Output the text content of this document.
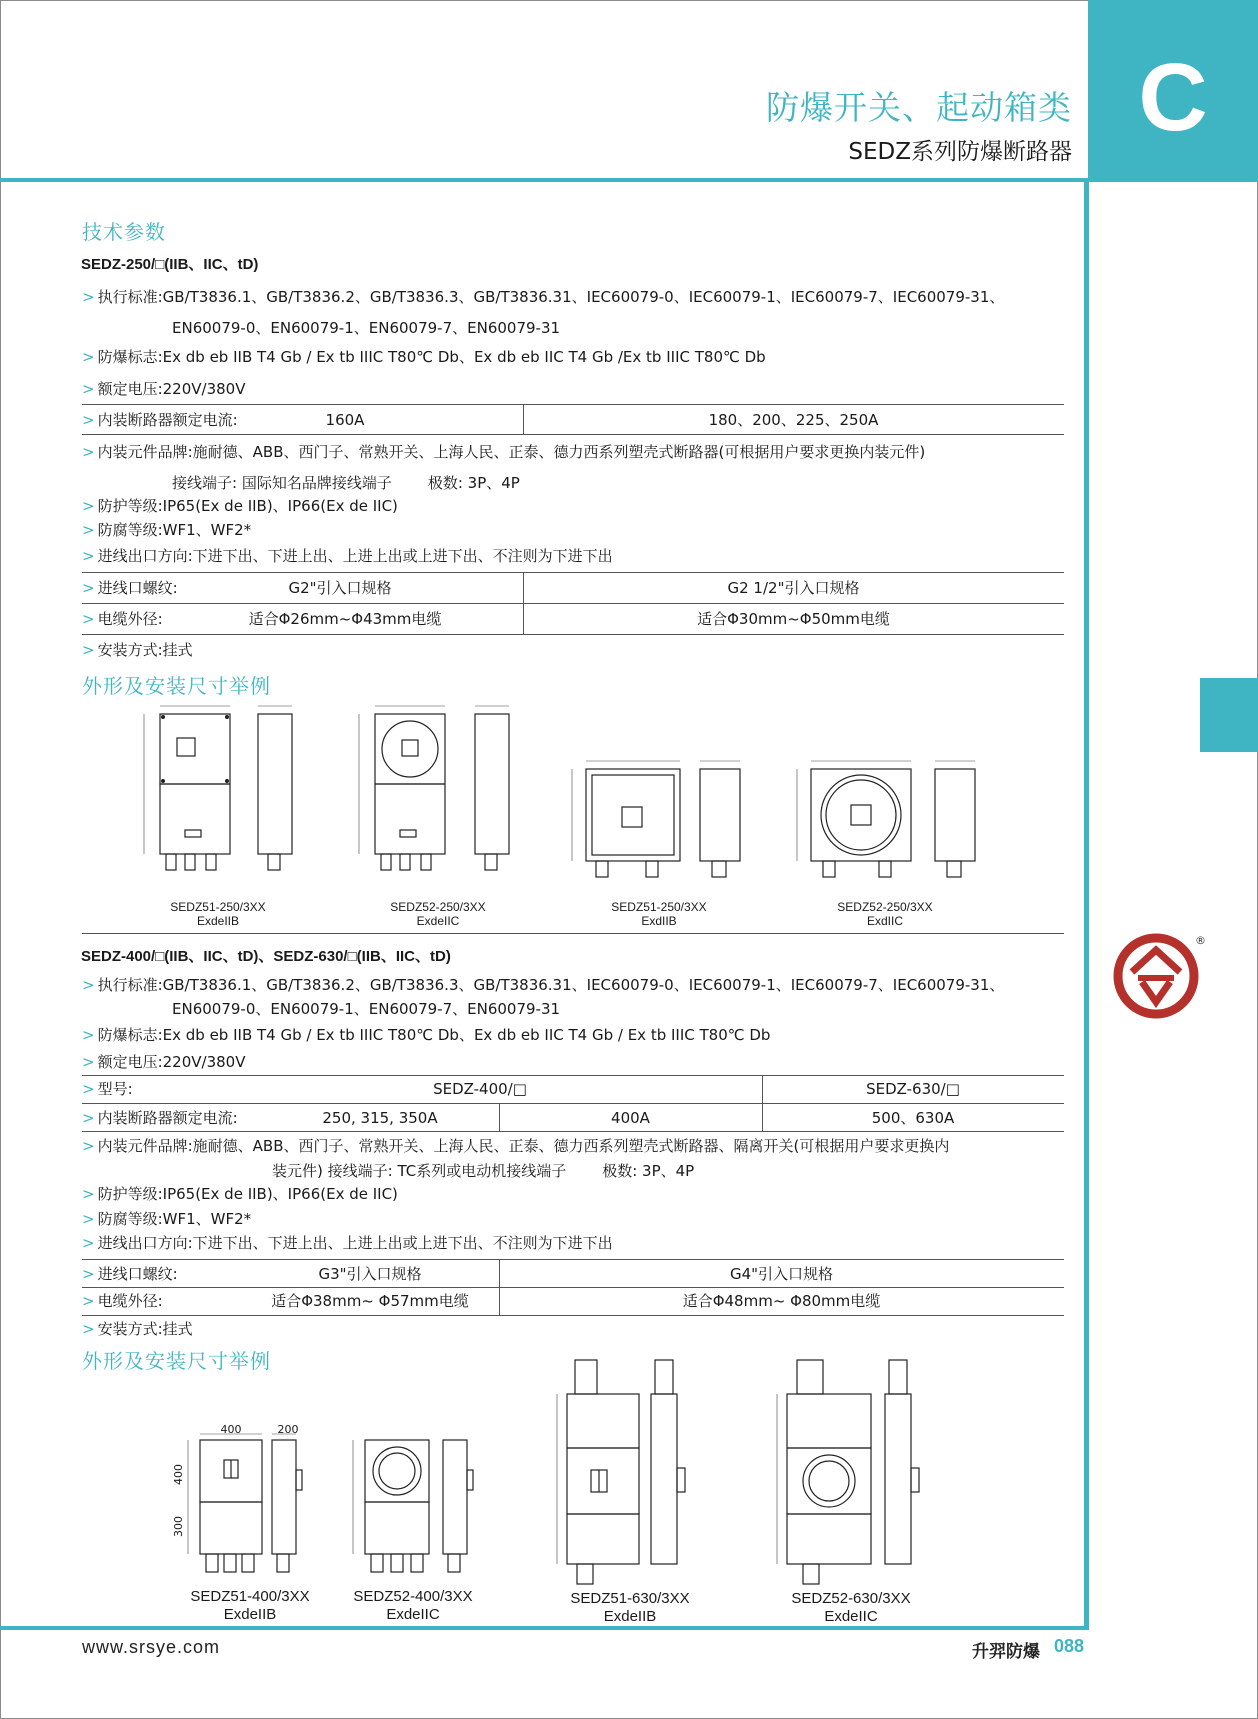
C
防爆开关、起动箱类
SEDZ系列防爆断路器
技术参数
SEDZ-250/□(IIB、IIC、tD)
> 执行标准:GB/T3836.1、GB/T3836.2、GB/T3836.3、GB/T3836.31、IEC60079-0、IEC60079-1、IEC60079-7、IEC60079-31、
EN60079-0、EN60079-1、EN60079-7、EN60079-31
> 防爆标志:Ex db eb IIB T4 Gb / Ex tb IIIC T80℃ Db、Ex db eb IIC T4 Gb /Ex tb IIIC T80℃ Db
> 额定电压:220V/380V
> 内装断路器额定电流:	160A	180、200、225、250A
> 内装元件品牌:施耐德、ABB、西门子、常熟开关、上海人民、正泰、德力西系列塑壳式断路器(可根据用户要求更换内装元件)
接线端子: 国际知名品牌接线端子 极数: 3P、4P
> 防护等级:IP65(Ex de IIB)、IP66(Ex de IIC)
> 防腐等级:WF1、WF2*
> 进线出口方向:下进下出、下进上出、上进上出或上进下出、不注则为下进下出
> 进线口螺纹:	G2"引入口规格	G2 1/2"引入口规格
> 电缆外径:	适合Φ26mm~Φ43mm电缆	适合Φ30mm~Φ50mm电缆
> 安装方式:挂式
外形及安装尺寸举例
SEDZ51-250/3XX
ExdeIIB
SEDZ52-250/3XX
ExdeIIC
SEDZ51-250/3XX
ExdIIB
SEDZ52-250/3XX
ExdIIC
SEDZ-400/□(IIB、IIC、tD)、SEDZ-630/□(IIB、IIC、tD)
> 执行标准:GB/T3836.1、GB/T3836.2、GB/T3836.3、GB/T3836.31、IEC60079-0、IEC60079-1、IEC60079-7、IEC60079-31、
EN60079-0、EN60079-1、EN60079-7、EN60079-31
> 防爆标志:Ex db eb IIB T4 Gb / Ex tb IIIC T80℃ Db、Ex db eb IIC T4 Gb / Ex tb IIIC T80℃ Db
> 额定电压:220V/380V
> 型号:	SEDZ-400/□	SEDZ-630/□
> 内装断路器额定电流:	250, 315, 350A	400A	500、630A
> 内装元件品牌:施耐德、ABB、西门子、常熟开关、上海人民、正泰、德力西系列塑壳式断路器、隔离开关(可根据用户要求更换内
装元件) 接线端子: TC系列或电动机接线端子 极数: 3P、4P
> 防护等级:IP65(Ex de IIB)、IP66(Ex de IIC)
> 防腐等级:WF1、WF2*
> 进线出口方向:下进下出、下进上出、上进上出或上进下出、不注则为下进下出
> 进线口螺纹:	G3"引入口规格	G4"引入口规格
> 电缆外径:	适合Φ38mm~ Φ57mm电缆	适合Φ48mm~ Φ80mm电缆
> 安装方式:挂式
外形及安装尺寸举例
400	200
400
300
SEDZ51-400/3XX
ExdeIIB
SEDZ52-400/3XX
ExdeIIC
SEDZ51-630/3XX
ExdeIIB
SEDZ52-630/3XX
ExdeIIC
®
www.srsye.com	升羿防爆 088
